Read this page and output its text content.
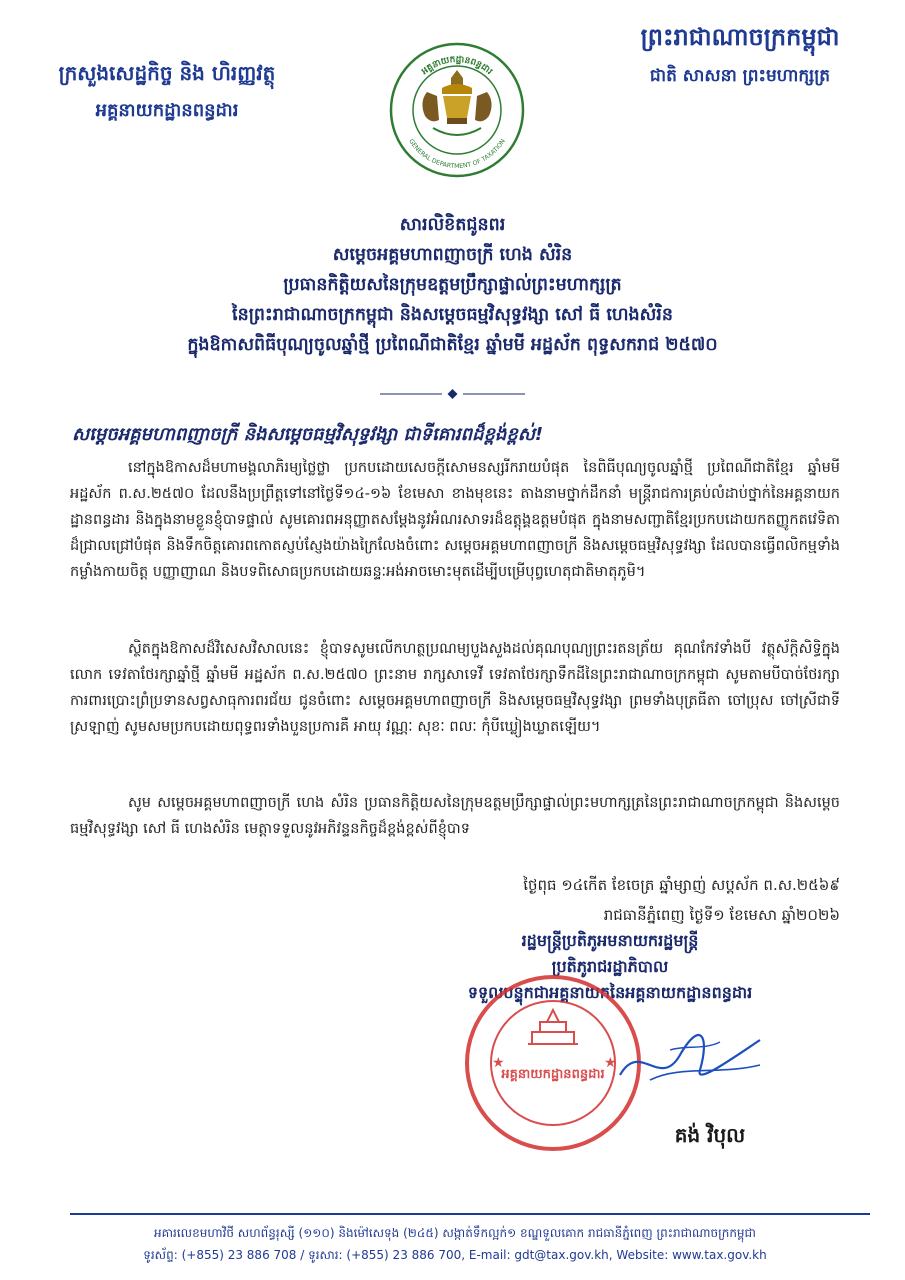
ក្រសួងសេដ្ឋកិច្ច និង ហិរញ្ញវត្ថុ
អគ្គនាយកដ្ឋានពន្ធដារ
ព្រះរាជាណាចក្រកម្ពុជា
ជាតិ សាសនា ព្រះមហាក្សត្រ
អគ្គនាយកដ្ឋានពន្ធដារ
GENERAL DEPARTMENT OF TAXATION
សារលិខិតជូនពរ
សម្តេចអគ្គមហាពញាចក្រី ហេង សំរិន
ប្រធានកិត្តិយសនៃក្រុមឧត្តមប្រឹក្សាផ្ទាល់ព្រះមហាក្សត្រ
នៃព្រះរាជាណាចក្រកម្ពុជា និងសម្តេចធម្មវិសុទ្ធវង្សា សៅ ធី ហេងសំរិន
ក្នុងឱកាសពិធីបុណ្យចូលឆ្នាំថ្មី ប្រពៃណីជាតិខ្មែរ ឆ្នាំមមី អដ្ឋស័ក ពុទ្ធសករាជ ២៥៧០
សម្តេចអគ្គមហាពញាចក្រី និងសម្តេចធម្មវិសុទ្ធវង្សា ជាទីគោរពដ៏ខ្ពង់ខ្ពស់!
នៅក្នុងឱកាសដ៏មហាមង្គលាភិរម្យថ្លៃថ្លា ប្រកបដោយសេចក្តីសោមនស្សរីករាយបំផុត នៃពិធីបុណ្យចូលឆ្នាំថ្មី ប្រពៃណីជាតិខ្មែរ ឆ្នាំមមី អដ្ឋស័ក ព.ស.២៥៧០ ដែលនឹងប្រព្រឹត្តទៅនៅថ្ងៃទី១៤-១៦ ខែមេសា ខាងមុខនេះ តាងនាមថ្នាក់ដឹកនាំ មន្ត្រីរាជការគ្រប់លំដាប់ថ្នាក់នៃអគ្គនាយកដ្ឋានពន្ធដារ និងក្នុងនាមខ្លួនខ្ញុំបាទផ្ទាល់ សូមគោរពអនុញ្ញាតសម្តែងនូវអំណរសាទរដ៏ឧត្តុង្គឧត្តមបំផុត ក្នុងនាមសញ្ជាតិខ្មែរប្រកបដោយកតញ្ញូកតវេទិតាដ៏ជ្រាលជ្រៅបំផុត និងទឹកចិត្តគោរពកោតស្ញប់ស្ញែងយ៉ាងក្រៃលែងចំពោះ សម្តេចអគ្គមហាពញាចក្រី និងសម្តេចធម្មវិសុទ្ធវង្សា ដែលបានធ្វើពលិកម្មទាំងកម្លាំងកាយចិត្ត បញ្ញាញាណ និងបទពិសោធប្រកបដោយឆន្ទៈអង់អាចមោះមុតដើម្បីបម្រើបុព្វហេតុជាតិមាតុភូមិ។
ស្ថិតក្នុងឱកាសដ៏វិសេសវិសាលនេះ ខ្ញុំបាទសូមលើកហត្ថប្រណម្យបួងសួងដល់គុណបុណ្យព្រះរតនត្រ័យ គុណកែវទាំងបី វត្ថុស័ក្តិសិទ្ធិក្នុងលោក ទេវតាថែរក្សាឆ្នាំថ្មី ឆ្នាំមមី អដ្ឋស័ក ព.ស.២៥៧០ ព្រះនាម រាក្សសាទេវី ទេវតាថែរក្សាទឹកដីនៃព្រះរាជាណាចក្រកម្ពុជា សូមតាមបីបាច់ថែរក្សាការពារប្រោះព្រំប្រទានសព្វសាធុការពរជ័យ ជូនចំពោះ សម្តេចអគ្គមហាពញាចក្រី និងសម្តេចធម្មវិសុទ្ធវង្សា ព្រមទាំងបុត្រធីតា ចៅប្រុស ចៅស្រីជាទីស្រឡាញ់ សូមសមប្រកបដោយពុទ្ធពរទាំងបួនប្រការគឺ អាយុ វណ្ណៈ សុខៈ ពលៈ កុំបីឃ្លៀងឃ្លាតឡើយ។
សូម សម្តេចអគ្គមហាពញាចក្រី ហេង សំរិន ប្រធានកិត្តិយសនៃក្រុមឧត្តមប្រឹក្សាផ្ទាល់ព្រះមហាក្សត្រនៃព្រះរាជាណាចក្រកម្ពុជា និងសម្តេចធម្មវិសុទ្ធវង្សា សៅ ធី ហេងសំរិន មេត្តាទទួលនូវអភិវន្ទនកិច្ចដ៏ខ្ពង់ខ្ពស់ពីខ្ញុំបាទ
ថ្ងៃពុធ ១៤កើត ខែចេត្រ ឆ្នាំម្សាញ់ សប្តស័ក ព.ស.២៥៦៩
រាជធានីភ្នំពេញ ថ្ងៃទី១ ខែមេសា ឆ្នាំ២០២៦
រដ្ឋមន្ត្រីប្រតិភូអមនាយករដ្ឋមន្ត្រី
ប្រតិភូរាជរដ្ឋាភិបាល
ទទួលបន្ទុកជាអគ្គនាយកនៃអគ្គនាយកដ្ឋានពន្ធដារ
អគ្គនាយកដ្ឋានពន្ធដារ
★	★
គង់ វិបុល
អគារលេខមហាវិថី សហព័ន្ធរុស្សី (១១០) និងម៉ៅសេទុង (២៤៥) សង្កាត់ទឹកល្អក់១ ខណ្ឌទួលគោក រាជធានីភ្នំពេញ ព្រះរាជាណាចក្រកម្ពុជា
ទូរស័ព្ទ: (+855) 23 886 708 / ទូរសារ: (+855) 23 886 700, E-mail: gdt@tax.gov.kh, Website: www.tax.gov.kh
